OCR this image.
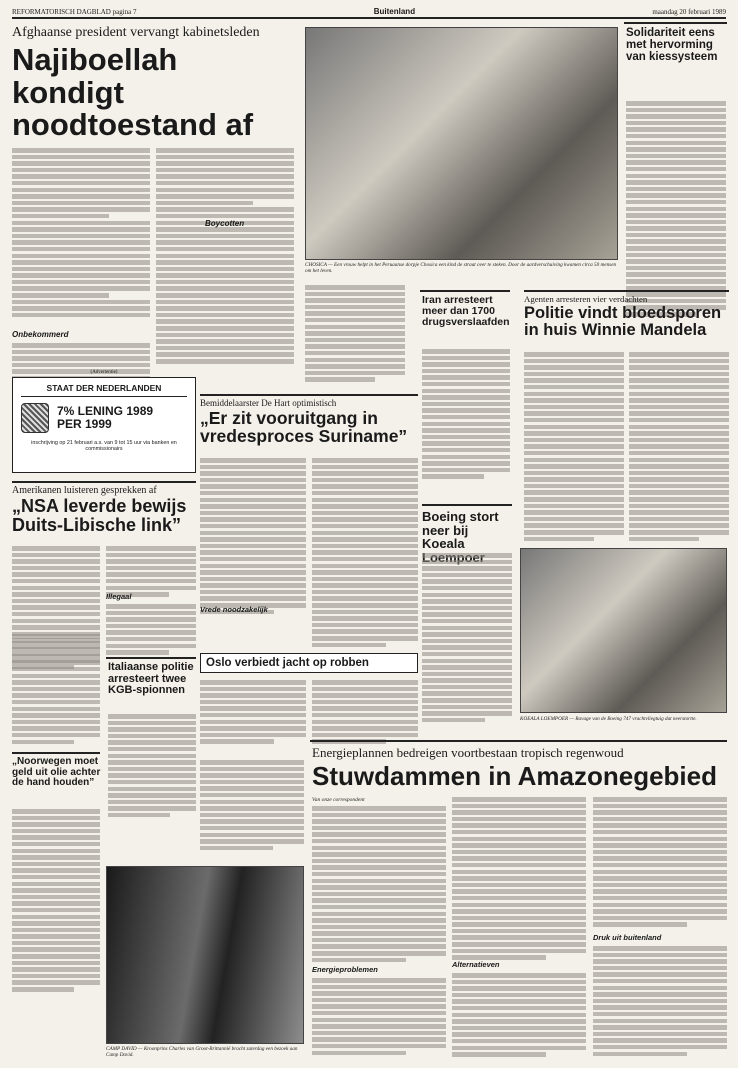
REFORMATORISCH DAGBLAD pagina 7	Buitenland	maandag 20 februari 1989
Afghaanse president vervangt kabinetsleden
Najiboellah kondigt noodtoestand af
Onbekommerd
Boycotten
CHOSICA — Een vrouw helpt in het Peruaanse dorpje Chosica een kind de straat over te steken. Door de aardverschuiving kwamen circa 50 mensen om het leven.
Solidariteit eens met hervorming van kiessysteem
Iran arresteert meer dan 1700 drugsverslaafden
Agenten arresteren vier verdachten
Politie vindt bloedsporen in huis Winnie Mandela
(Advertentie)
STAAT DER NEDERLANDEN
7% LENING 1989
PER 1999
inschrijving op 21 februari a.s. van 9 tot 15 uur via banken en commissionairs
Bemiddelaarster De Hart optimistisch
„Er zit vooruitgang in vredesproces Suriname”
Vrede noodzakelijk
Amerikanen luisteren gesprekken af
„NSA leverde bewijs Duits-Libische link”
Illegaal
Boeing stort neer bij Koeala
KOEALA LOEMPOER — Ravage van de Boeing 747 vrachtvliegtuig dat neerstortte.
Oslo verbiedt jacht op robben
Italiaanse politie arresteert twee KGB-spionnen
„Noorwegen moet geld uit olie achter de hand houden”
Energieplannen bedreigen voortbestaan tropisch regenwoud
Stuwdammen in Amazonegebied
Van onze correspondent
Energieproblemen
Alternatieven
Druk uit buitenland
CAMP DAVID — Kroonprins Charles van Groot-Brittannië bracht zaterdag een bezoek aan Camp David.
